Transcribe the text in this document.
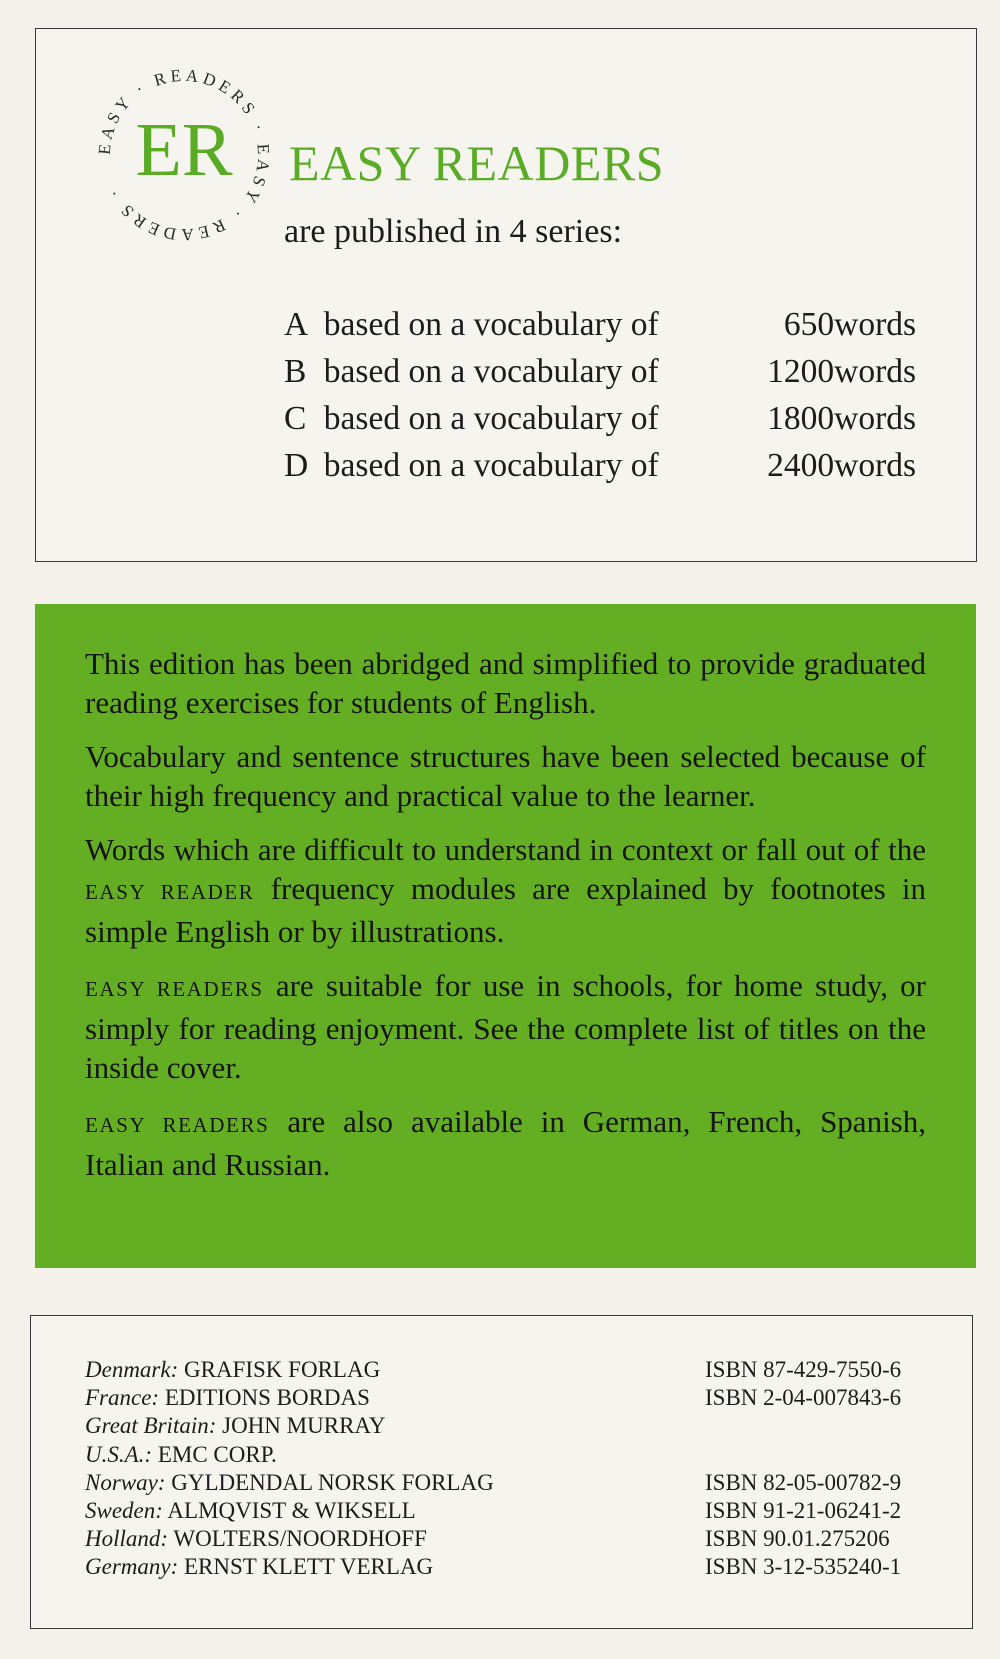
EASY · READERS · EASY · READERS · ER EASY READERS
are published in 4 series:
A based on a vocabulary of	650 words
B based on a vocabulary of	1200 words
C based on a vocabulary of	1800 words
D based on a vocabulary of	2400 words

This edition has been abridged and simplified to provide graduated reading exercises for students of English.

Vocabulary and sentence structures have been selected because of their high frequency and practical value to the learner.

Words which are difficult to understand in context or fall out of the EASY READER frequency modules are explained by footnotes in simple English or by illustrations.

EASY READERS are suitable for use in schools, for home study, or simply for reading enjoyment. See the complete list of titles on the inside cover.

EASY READERS are also available in German, French, Spanish, Italian and Russian.

Denmark: GRAFISK FORLAG	ISBN 87-429-7550-6
France: EDITIONS BORDAS	ISBN 2-04-007843-6
Great Britain: JOHN MURRAY
U.S.A.: EMC CORP.
Norway: GYLDENDAL NORSK FORLAG	ISBN 82-05-00782-9
Sweden: ALMQVIST & WIKSELL	ISBN 91-21-06241-2
Holland: WOLTERS/NOORDHOFF	ISBN 90.01.275206
Germany: ERNST KLETT VERLAG	ISBN 3-12-535240-1
